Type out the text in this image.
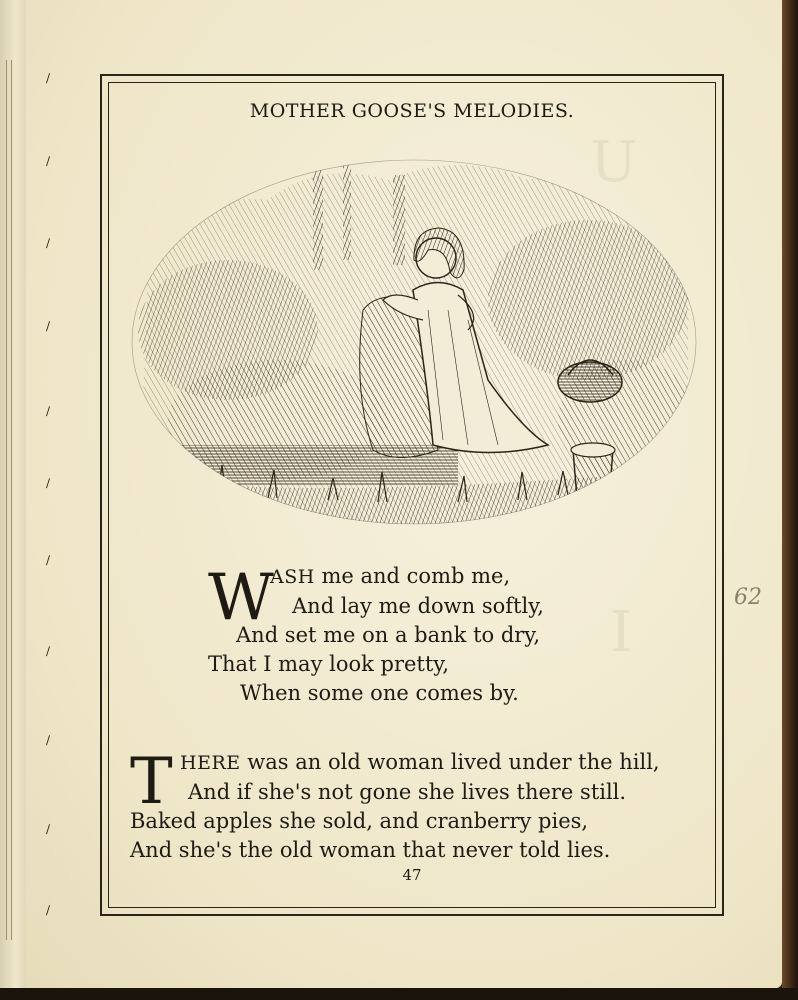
∕
∕
∕
∕
∕
∕
∕
∕
∕
∕
∕
U
I
MOTHER GOOSE'S MELODIES.
W
ASH me and comb me,
And lay me down softly,
And set me on a bank to dry,
That I may look pretty,
When some one comes by.
T HERE was an old woman lived under the hill,
And if she's not gone she lives there still.
Baked apples she sold, and cranberry pies,
And she's the old woman that never told lies.
47
62
